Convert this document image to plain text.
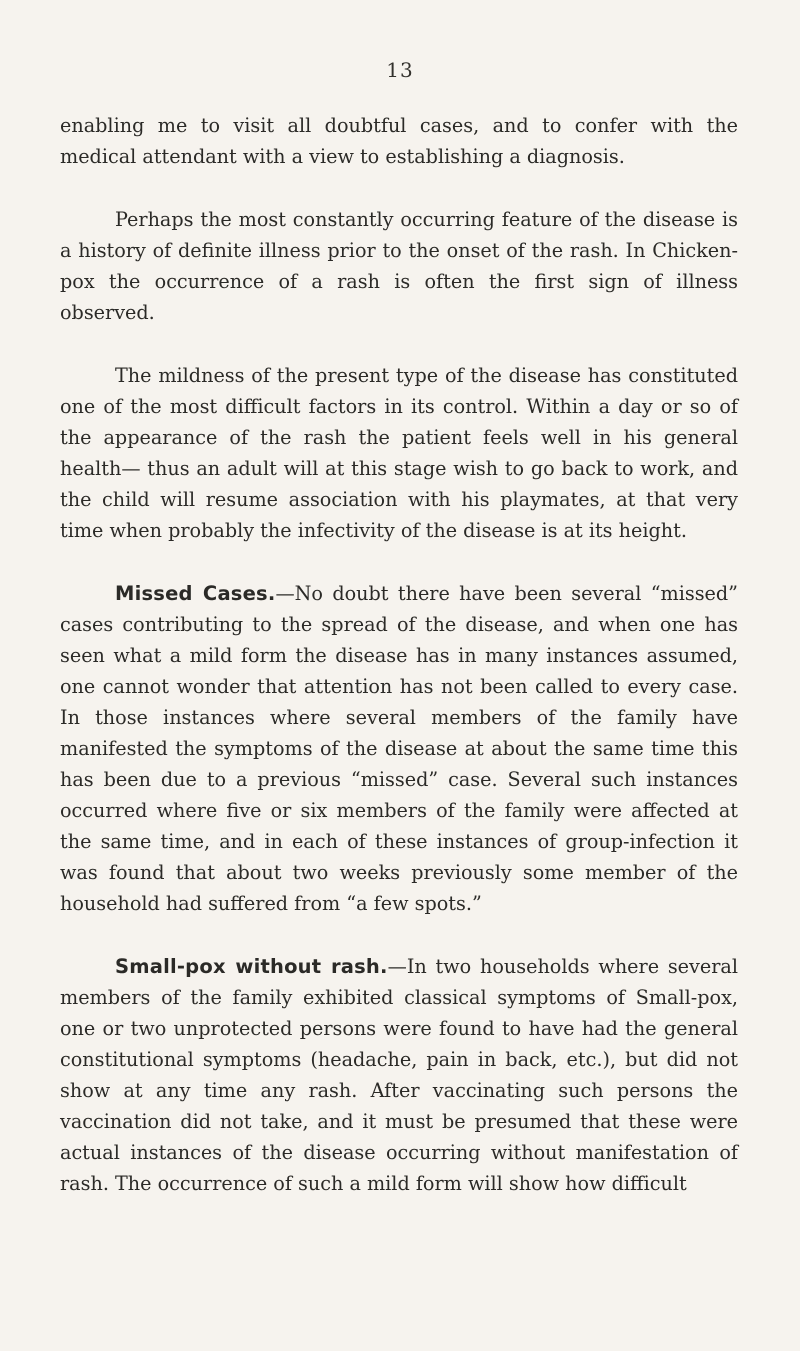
13

enabling me to visit all doubtful cases, and to confer with the medical attendant with a view to establishing a diagnosis.

Perhaps the most constantly occurring feature of the disease is a history of definite illness prior to the onset of the rash. In Chicken-pox the occurrence of a rash is often the first sign of illness observed.

The mildness of the present type of the disease has constituted one of the most difficult factors in its control. Within a day or so of the appearance of the rash the patient feels well in his general health— thus an adult will at this stage wish to go back to work, and the child will resume association with his playmates, at that very time when probably the infectivity of the disease is at its height.

Missed Cases.—No doubt there have been several “missed” cases contributing to the spread of the disease, and when one has seen what a mild form the disease has in many instances assumed, one cannot wonder that attention has not been called to every case. In those instances where several members of the family have manifested the symptoms of the disease at about the same time this has been due to a previous “missed” case. Several such instances occurred where five or six members of the family were affected at the same time, and in each of these instances of group-infection it was found that about two weeks previously some member of the household had suffered from “a few spots.”

Small-pox without rash.—In two households where several members of the family exhibited classical symptoms of Small-pox, one or two unprotected persons were found to have had the general constitutional symptoms (headache, pain in back, etc.), but did not show at any time any rash. After vaccinating such persons the vaccination did not take, and it must be presumed that these were actual instances of the disease occurring without manifestation of rash. The occurrence of such a mild form will show how difficult
